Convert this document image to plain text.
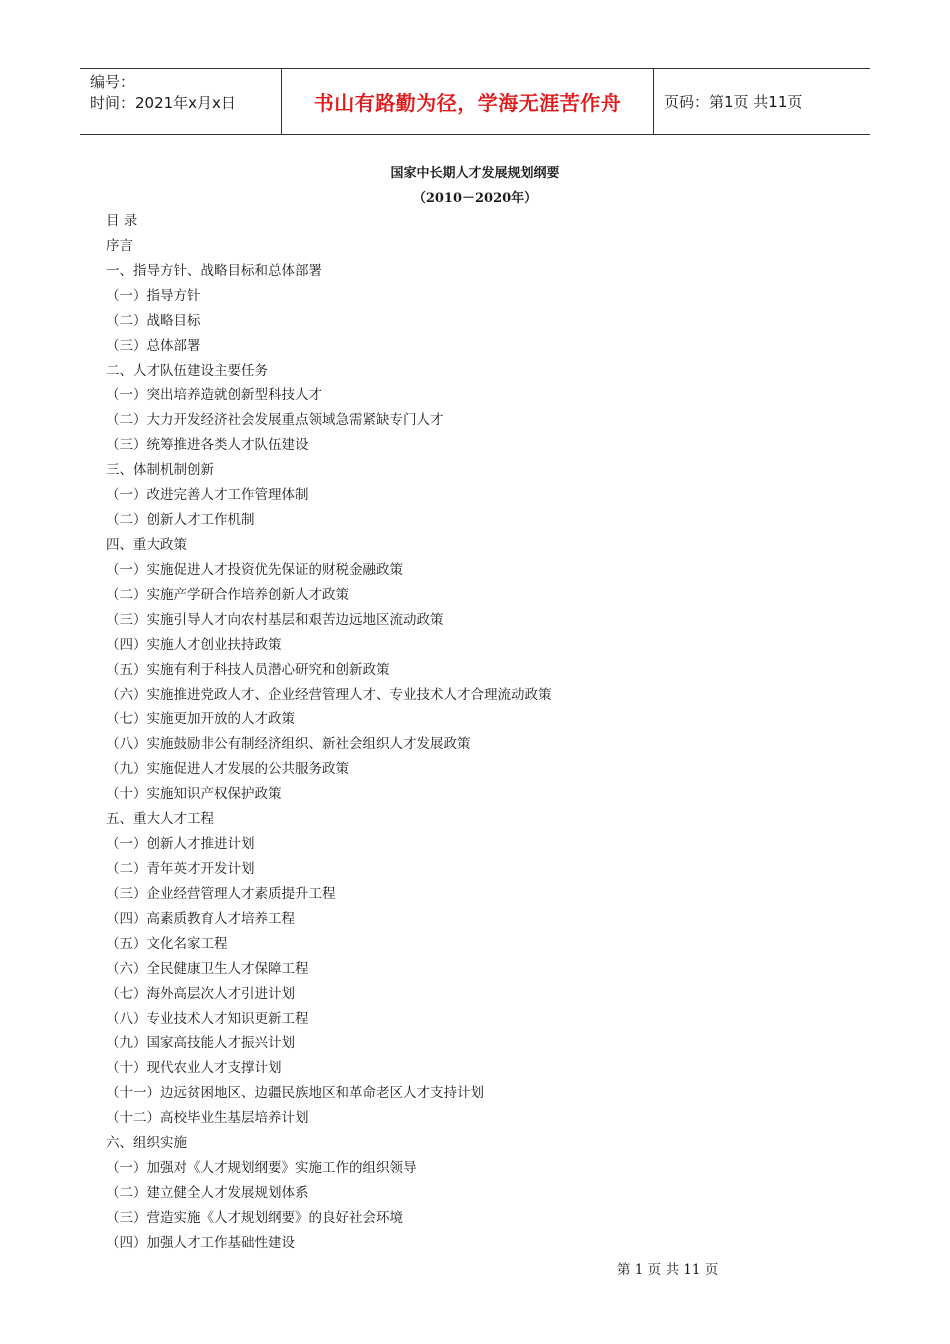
编号：
时间：2021年x月x日	书山有路勤为径，学海无涯苦作舟	页码：第1页 共11页
国家中长期人才发展规划纲要
（2010－2020年）
目 录
序言
一、指导方针、战略目标和总体部署
（一）指导方针
（二）战略目标
（三）总体部署
二、人才队伍建设主要任务
（一）突出培养造就创新型科技人才
（二）大力开发经济社会发展重点领域急需紧缺专门人才
（三）统筹推进各类人才队伍建设
三、体制机制创新
（一）改进完善人才工作管理体制
（二）创新人才工作机制
四、重大政策
（一）实施促进人才投资优先保证的财税金融政策
（二）实施产学研合作培养创新人才政策
（三）实施引导人才向农村基层和艰苦边远地区流动政策
（四）实施人才创业扶持政策
（五）实施有利于科技人员潜心研究和创新政策
（六）实施推进党政人才、企业经营管理人才、专业技术人才合理流动政策
（七）实施更加开放的人才政策
（八）实施鼓励非公有制经济组织、新社会组织人才发展政策
（九）实施促进人才发展的公共服务政策
（十）实施知识产权保护政策
五、重大人才工程
（一）创新人才推进计划
（二）青年英才开发计划
（三）企业经营管理人才素质提升工程
（四）高素质教育人才培养工程
（五）文化名家工程
（六）全民健康卫生人才保障工程
（七）海外高层次人才引进计划
（八）专业技术人才知识更新工程
（九）国家高技能人才振兴计划
（十）现代农业人才支撑计划
（十一）边远贫困地区、边疆民族地区和革命老区人才支持计划
（十二）高校毕业生基层培养计划
六、组织实施
（一）加强对《人才规划纲要》实施工作的组织领导
（二）建立健全人才发展规划体系
（三）营造实施《人才规划纲要》的良好社会环境
（四）加强人才工作基础性建设
第 1 页 共 11 页
